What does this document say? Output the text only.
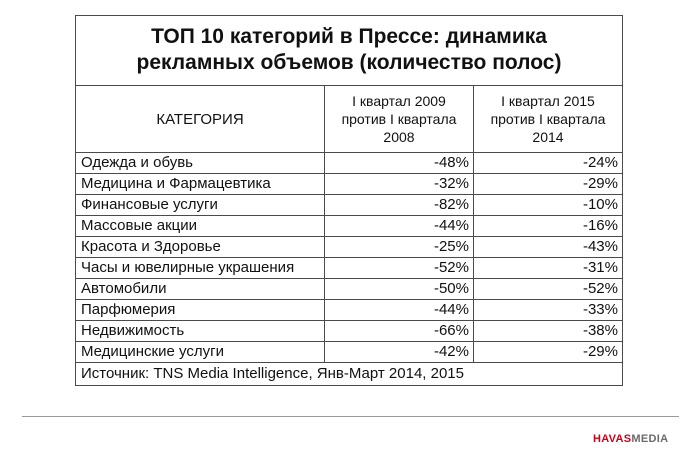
ТОП 10 категорий в Прессе: динамика рекламных объемов (количество полос)
КАТЕГОРИЯ	I квартал 2009 против I квартала 2008	I квартал 2015 против I квартала 2014
Одежда и обувь	-48%	-24%
Медицина и Фармацевтика	-32%	-29%
Финансовые услуги	-82%	-10%
Массовые акции	-44%	-16%
Красота и Здоровье	-25%	-43%
Часы и ювелирные украшения	-52%	-31%
Автомобили	-50%	-52%
Парфюмерия	-44%	-33%
Недвижимость	-66%	-38%
Медицинские услуги	-42%	-29%
Источник: TNS Media Intelligence, Янв-Март 2014, 2015		
HAVASMEDIA
